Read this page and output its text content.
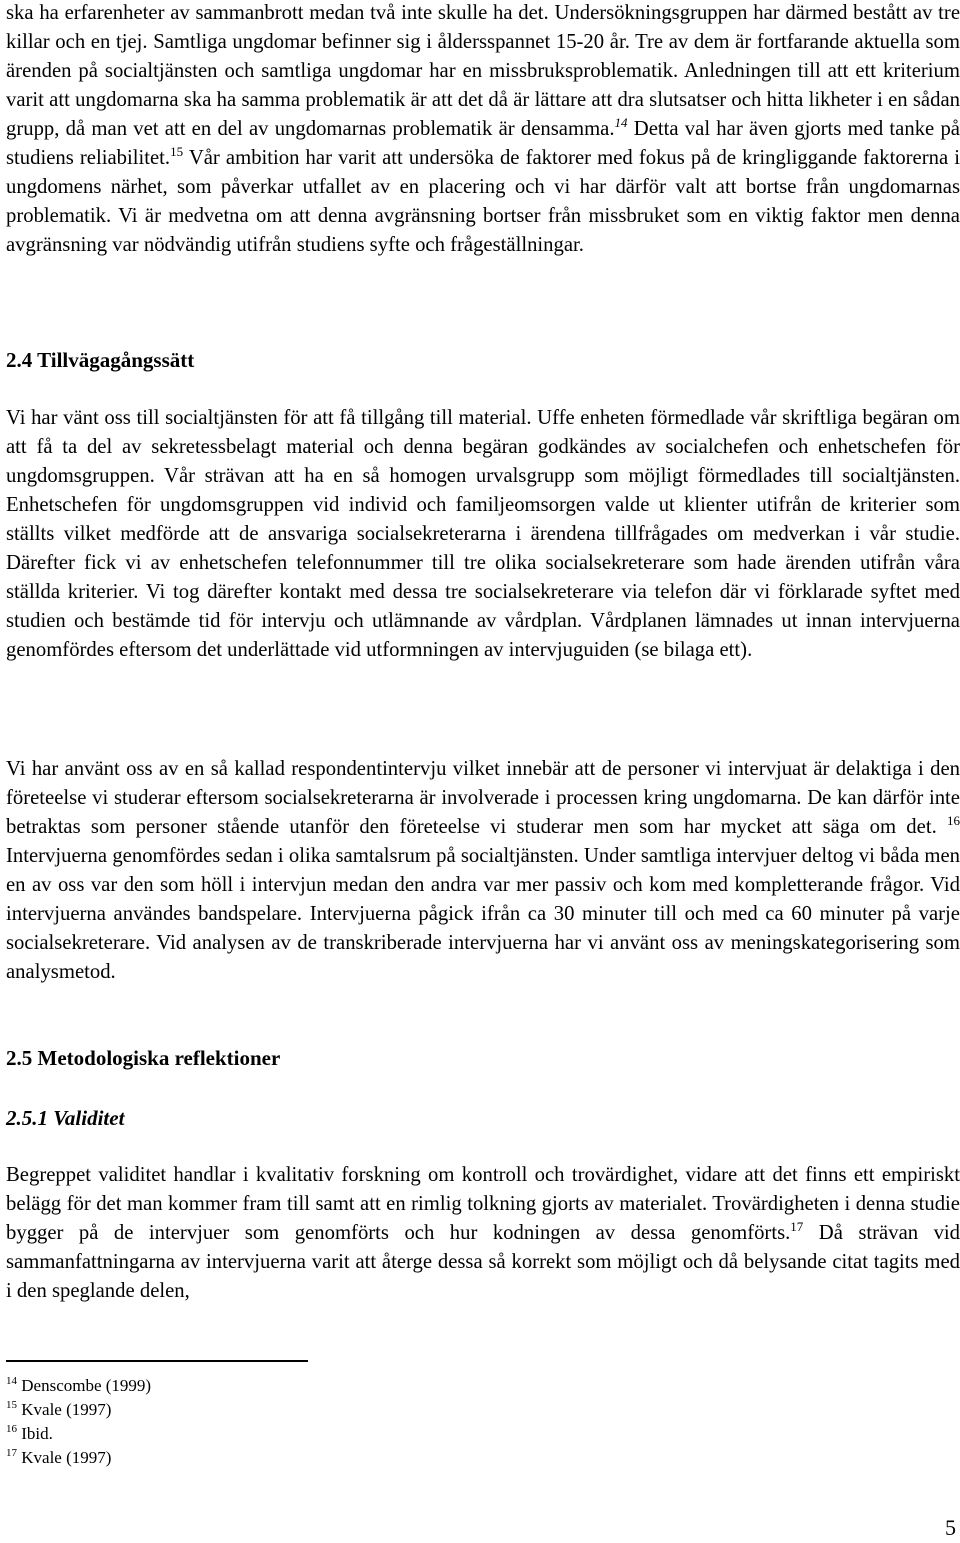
ska ha erfarenheter av sammanbrott medan två inte skulle ha det. Undersökningsgruppen har därmed bestått av tre killar och en tjej. Samtliga ungdomar befinner sig i åldersspannet 15-20 år. Tre av dem är fortfarande aktuella som ärenden på socialtjänsten och samtliga ungdomar har en missbruksproblematik. Anledningen till att ett kriterium varit att ungdomarna ska ha samma problematik är att det då är lättare att dra slutsatser och hitta likheter i en sådan grupp, då man vet att en del av ungdomarnas problematik är densamma.$^{14}$ Detta val har även gjorts med tanke på studiens reliabilitet.$^{15}$ Vår ambition har varit att undersöka de faktorer med fokus på de kringliggande faktorerna i ungdomens närhet, som påverkar utfallet av en placering och vi har därför valt att bortse från ungdomarnas problematik. Vi är medvetna om att denna avgränsning bortser från missbruket som en viktig faktor men denna avgränsning var nödvändig utifrån studiens syfte och frågeställningar.

2.4 Tillvägagångssätt

Vi har vänt oss till socialtjänsten för att få tillgång till material. Uffe enheten förmedlade vår skriftliga begäran om att få ta del av sekretessbelagt material och denna begäran godkändes av socialchefen och enhetschefen för ungdomsgruppen. Vår strävan att ha en så homogen urvalsgrupp som möjligt förmedlades till socialtjänsten. Enhetschefen för ungdomsgruppen vid individ och familjeomsorgen valde ut klienter utifrån de kriterier som ställts vilket medförde att de ansvariga socialsekreterarna i ärendena tillfrågades om medverkan i vår studie. Därefter fick vi av enhetschefen telefonnummer till tre olika socialsekreterare som hade ärenden utifrån våra ställda kriterier. Vi tog därefter kontakt med dessa tre socialsekreterare via telefon där vi förklarade syftet med studien och bestämde tid för intervju och utlämnande av vårdplan. Vårdplanen lämnades ut innan intervjuerna genomfördes eftersom det underlättade vid utformningen av intervjuguiden (se bilaga ett).

Vi har använt oss av en så kallad respondentintervju vilket innebär att de personer vi intervjuat är delaktiga i den företeelse vi studerar eftersom socialsekreterarna är involverade i processen kring ungdomarna. De kan därför inte betraktas som personer stående utanför den företeelse vi studerar men som har mycket att säga om det. $^{16}$ Intervjuerna genomfördes sedan i olika samtalsrum på socialtjänsten. Under samtliga intervjuer deltog vi båda men en av oss var den som höll i intervjun medan den andra var mer passiv och kom med kompletterande frågor. Vid intervjuerna användes bandspelare. Intervjuerna pågick ifrån ca 30 minuter till och med ca 60 minuter på varje socialsekreterare. Vid analysen av de transkriberade intervjuerna har vi använt oss av meningskategorisering som analysmetod.

2.5 Metodologiska reflektioner
2.5.1 Validitet

Begreppet validitet handlar i kvalitativ forskning om kontroll och trovärdighet, vidare att det finns ett empiriskt belägg för det man kommer fram till samt att en rimlig tolkning gjorts av materialet. Trovärdigheten i denna studie bygger på de intervjuer som genomförts och hur kodningen av dessa genomförts.$^{17}$ Då strävan vid sammanfattningarna av intervjuerna varit att återge dessa så korrekt som möjligt och då belysande citat tagits med i den speglande delen,

$^{14}$ Denscombe (1999)
$^{15}$ Kvale (1997)
$^{16}$ Ibid.
$^{17}$ Kvale (1997)
5
